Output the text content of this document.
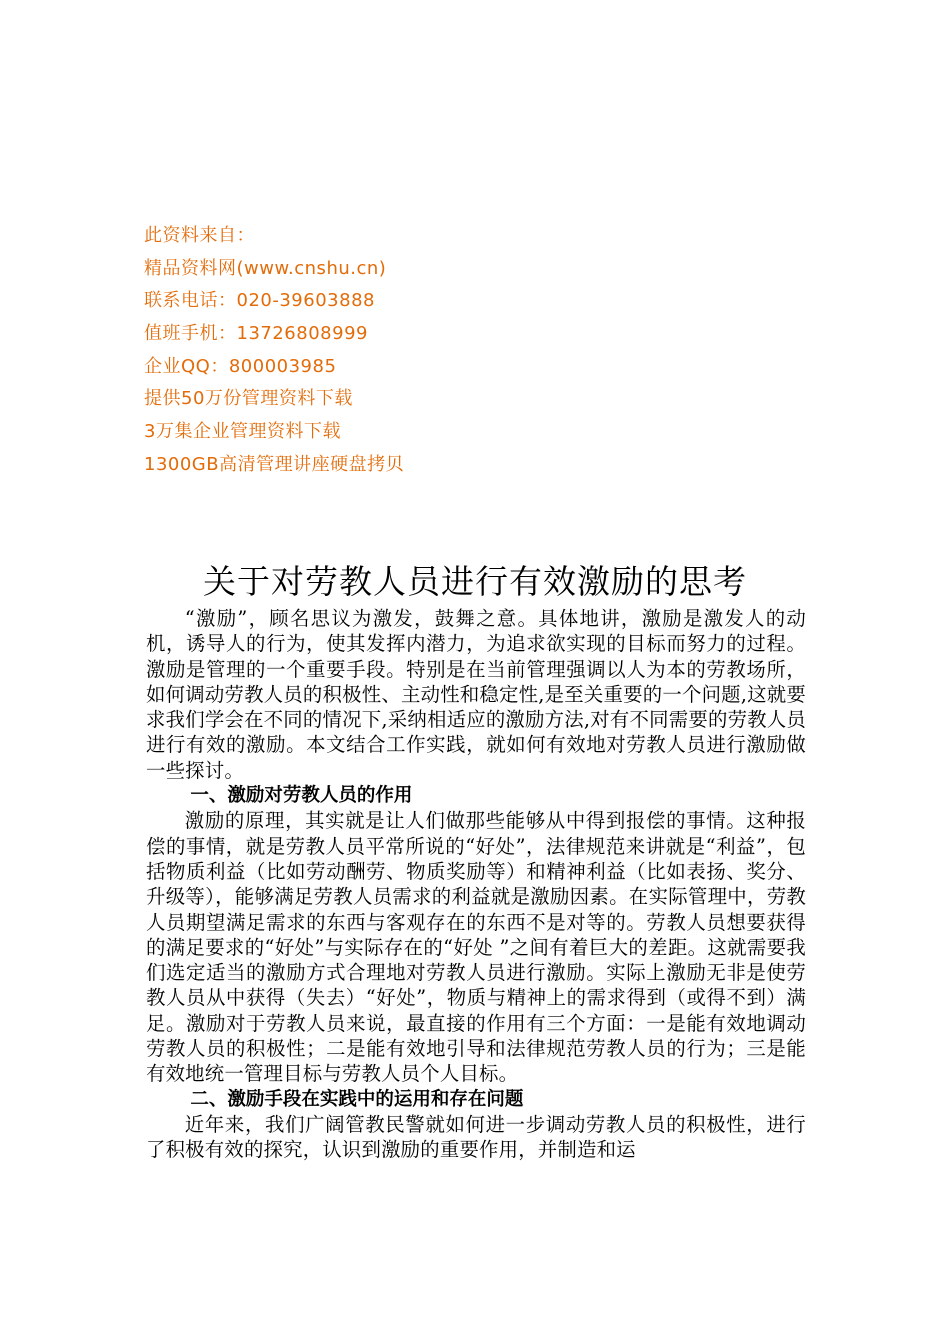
此资料来自：
精品资料网(www.cnshu.cn)
联系电话：020-39603888
值班手机：13726808999
企业QQ：800003985
提供50万份管理资料下载
3万集企业管理资料下载
1300GB高清管理讲座硬盘拷贝
关于对劳教人员进行有效激励的思考

“激励”，顾名思议为激发，鼓舞之意。具体地讲，激励是激发人的动机，诱导人的行为，使其发挥内潜力，为追求欲实现的目标而努力的过程。激励是管理的一个重要手段。特别是在当前管理强调以人为本的劳教场所，如何调动劳教人员的积极性、主动性和稳定性,是至关重要的一个问题,这就要求我们学会在不同的情况下,采纳相适应的激励方法,对有不同需要的劳教人员进行有效的激励。本文结合工作实践，就如何有效地对劳教人员进行激励做一些探讨。

一、激励对劳教人员的作用

激励的原理，其实就是让人们做那些能够从中得到报偿的事情。这种报偿的事情，就是劳教人员平常所说的“好处”，法律规范来讲就是“利益”，包括物质利益（比如劳动酬劳、物质奖励等）和精神利益（比如表扬、奖分、升级等），能够满足劳教人员需求的利益就是激励因素。在实际管理中，劳教人员期望满足需求的东西与客观存在的东西不是对等的。劳教人员想要获得的满足要求的“好处”与实际存在的“好处 ”之间有着巨大的差距。这就需要我们选定适当的激励方式合理地对劳教人员进行激励。实际上激励无非是使劳教人员从中获得（失去）“好处”，物质与精神上的需求得到（或得不到）满足。激励对于劳教人员来说，最直接的作用有三个方面：一是能有效地调动劳教人员的积极性；二是能有效地引导和法律规范劳教人员的行为；三是能有效地统一管理目标与劳教人员个人目标。

二、激励手段在实践中的运用和存在问题

近年来，我们广阔管教民警就如何进一步调动劳教人员的积极性，进行了积极有效的探究，认识到激励的重要作用，并制造和运
